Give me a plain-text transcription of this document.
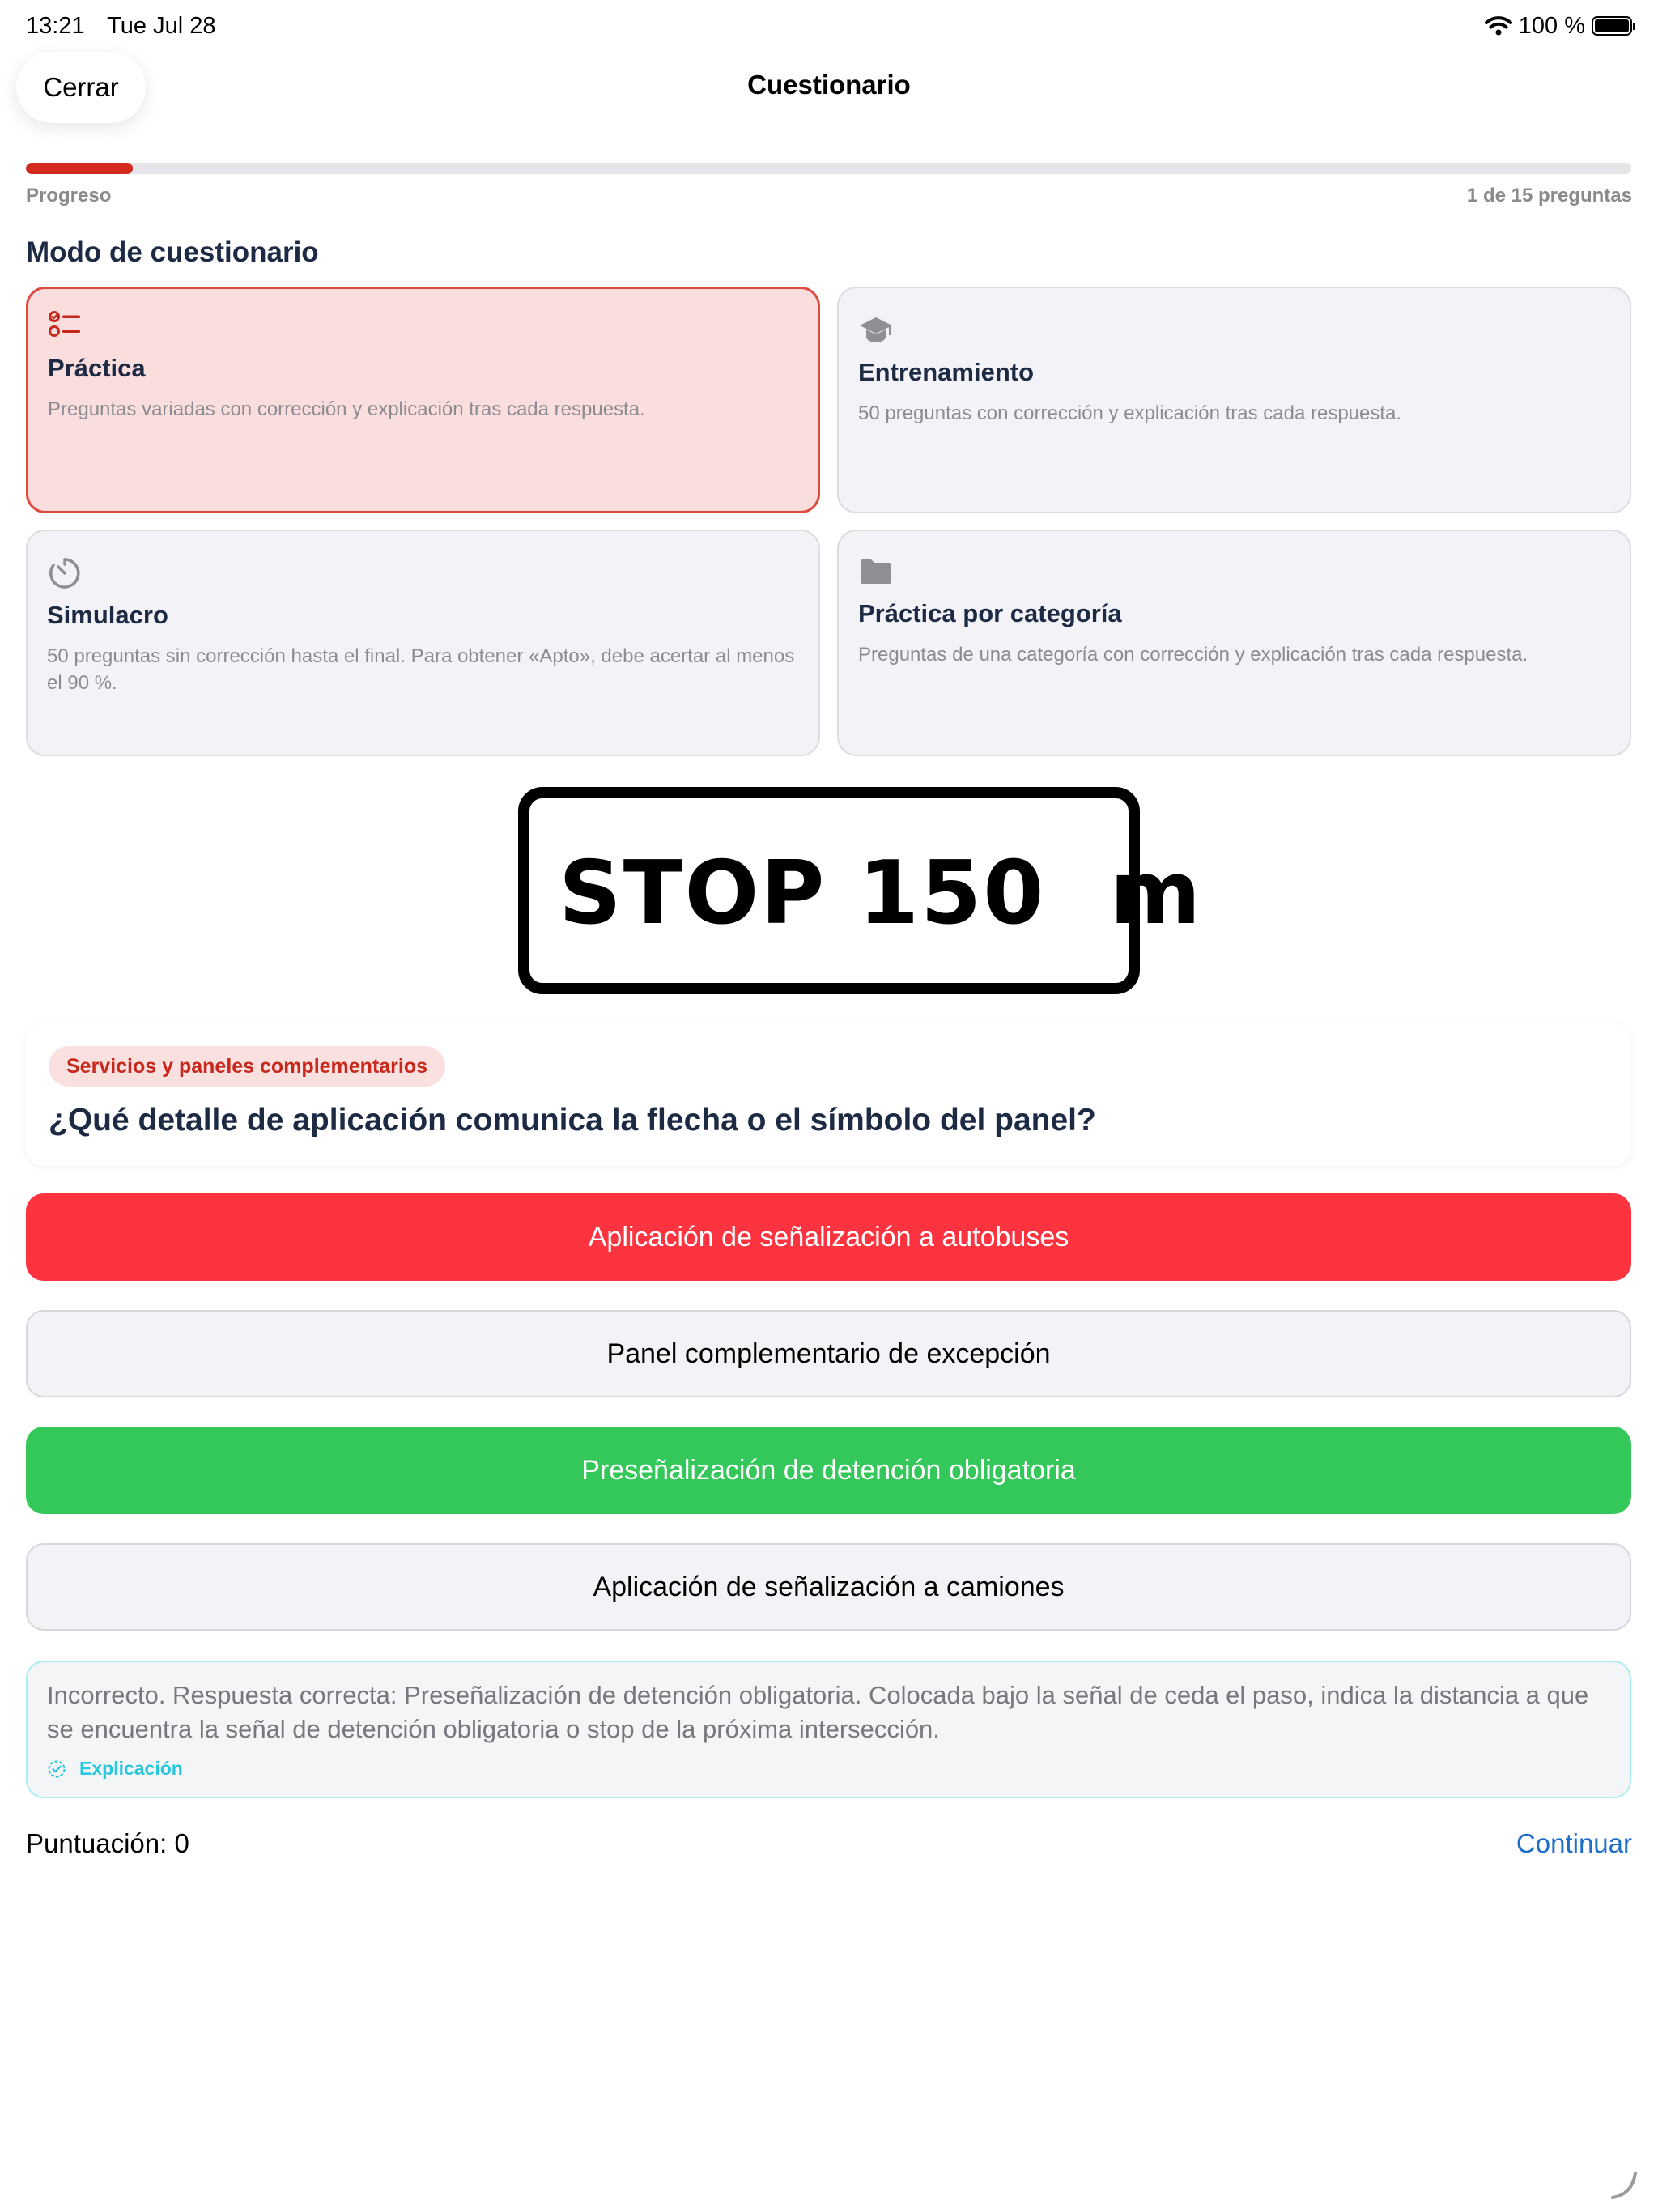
13:21 Tue Jul 28	100 %
Cerrar	Cuestionario
Progreso	1 de 15 preguntas
Modo de cuestionario
Práctica
Preguntas variadas con corrección y explicación tras cada respuesta.
Entrenamiento
50 preguntas con corrección y explicación tras cada respuesta.
Simulacro
50 preguntas sin corrección hasta el final. Para obtener «Apto», debe acertar al menos el 90 %.
Práctica por categoría
Preguntas de una categoría con corrección y explicación tras cada respuesta.
STOP 150  m
Servicios y paneles complementarios
¿Qué detalle de aplicación comunica la flecha o el símbolo del panel?
Aplicación de señalización a autobuses
Panel complementario de excepción
Preseñalización de detención obligatoria
Aplicación de señalización a camiones
Incorrecto. Respuesta correcta: Preseñalización de detención obligatoria. Colocada bajo la señal de ceda el paso, indica la distancia a que se encuentra la señal de detención obligatoria o stop de la próxima intersección.
Explicación
Puntuación: 0	Continuar
